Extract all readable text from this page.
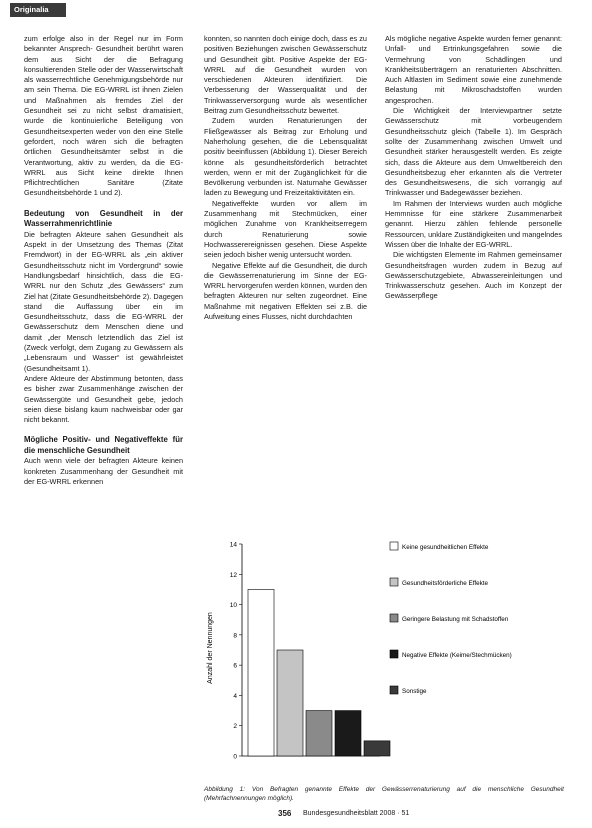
Originalia

zum erfolge also in der Regel nur im Form bekannter Ansprech- Gesundheit berührt waren dem aus Sicht der die Befragung konsultierenden Stelle oder der Wasserwirtschaft als wasserrechtliche Genehmigungsbehörde nur am sein Thema. Die EG-WRRL ist ihnen Zielen und Maßnahmen als fremdes Ziel der Gesundheit sei zu nicht selbst dramatisiert, wurde die kontinuierliche Beteiligung von Gesundheitsexperten weder von den eine Stelle gefordert, noch wären sich die befragten örtlichen Gesundheitsämter selbst in die Verantwortung, aktiv zu werden, da die EG-WRRL aus Sicht keine direkte Ihnen Pflichtrechtlichen Sanitäre (Zitate Gesundheitsbehörde 1 und 2).

Bedeutung von Gesundheit in der Wasserrahmenrichtlinie

Die befragten Akteure sahen Gesundheit als Aspekt in der Umsetzung des Themas (Zitat Fremdwort) in der EG-WRRL als „ein aktiver Gesundheitsschutz nicht im Vordergrund“ sowie Handlungsbedarf hinsichtlich, dass die EG-WRRL nur den Schutz „des Gewässers“ zum Ziel hat (Zitate Gesundheitsbehörde 2). Dagegen stand die Auffassung über ein im Gesundheitsschutz, dass die EG-WRRL der Gewässerschutz dem Menschen diene und damit „der Mensch letztendlich das Ziel ist (Zweck verfolgt, dem Zugang zu Gewässern als „Lebensraum und Wasser“ ist gewährleistet (Gesundheitsamt 1).

Andere Akteure der Abstimmung betonten, dass es bisher zwar Zusammenhänge zwischen der Gewässergüte und Gesundheit gebe, jedoch seien diese bislang kaum nachweisbar oder gar nicht bekannt.

Mögliche Positiv- und Negativeffekte für die menschliche Gesundheit

Auch wenn viele der befragten Akteure keinen konkreten Zusammenhang der Gesundheit mit der EG-WRRL erkennen

konnten, so nannten doch einige doch, dass es zu positiven Beziehungen zwischen Gewässerschutz und Gesundheit gibt. Positive Aspekte der EG-WRRL auf die Gesundheit wurden von verschiedenen Akteuren identifiziert. Die Verbesserung der Wasserqualität und der Trinkwasserversorgung wurde als wesentlicher Beitrag zum Gesundheitsschutz bewertet.

Zudem wurden Renaturierungen der Fließgewässer als Beitrag zur Erholung und Naherholung gesehen, die die Lebensqualität positiv beeinflussen (Abbildung 1). Dieser Bereich könne als gesundheitsförderlich betrachtet werden, wenn er mit der Zugänglichkeit für die Bevölkerung verbunden ist. Naturnahe Gewässer laden zu Bewegung und Freizeitaktivitäten ein.

Negativeffekte wurden vor allem im Zusammenhang mit Stechmücken, einer möglichen Zunahme von Krankheitserregern durch Renaturierung sowie Hochwasserereignissen gesehen. Diese Aspekte seien jedoch bisher wenig untersucht worden.

Negative Effekte auf die Gesundheit, die durch die Gewässerrenaturierung im Sinne der EG-WRRL hervorgerufen werden können, wurden den befragten Akteuren nur selten zugeordnet. Eine Maßnahme mit negativen Effekten sei z.B. die Aufweitung eines Flusses, nicht durchdachten

Als mögliche negative Aspekte wurden ferner genannt: Unfall- und Ertrinkungsgefahren sowie die Vermehrung von Schädlingen und Krankheitsüberträgern an renaturierten Abschnitten. Auch Altlasten im Sediment sowie eine zunehmende Belastung mit Mikroschadstoffen wurden angesprochen.

Die Wichtigkeit der Interviewpartner setzte Gewässerschutz mit vorbeugendem Gesundheitsschutz gleich (Tabelle 1). Im Gespräch sollte der Zusammenhang zwischen Umwelt und Gesundheit stärker herausgestellt werden. Es zeigte sich, dass die Akteure aus dem Umweltbereich den Gesundheitsbezug eher erkannten als die Vertreter des Gesundheitswesens, die sich vorrangig auf Trinkwasser und Badegewässer beziehen.

Im Rahmen der Interviews wurden auch mögliche Hemmnisse für eine stärkere Zusammenarbeit genannt. Hierzu zählen fehlende personelle Ressourcen, unklare Zuständigkeiten und mangelndes Wissen über die Inhalte der EG-WRRL.

Die wichtigsten Elemente im Rahmen gemeinsamer Gesundheitsfragen wurden zudem in Bezug auf Gewässerschutzgebiete, Abwassereinleitungen und Trinkwasserschutz gesehen. Auch im Konzept der Gewässerpflege

Anzahl der Nennungen
0
2
4
6
8
10
12
14	Keine gesundheitlichen Effekte
Gesundheitsförderliche Effekte
Geringere Belastung mit Schadstoffen
Negative Effekte (Keime/Stechmücken)
Sonstige
Abbildung 1: Von Befragten genannte Effekte der Gewässerrenaturierung auf die menschliche Gesundheit (Mehrfachnennungen möglich).
356 Bundesgesundheitsblatt 2008 · 51
